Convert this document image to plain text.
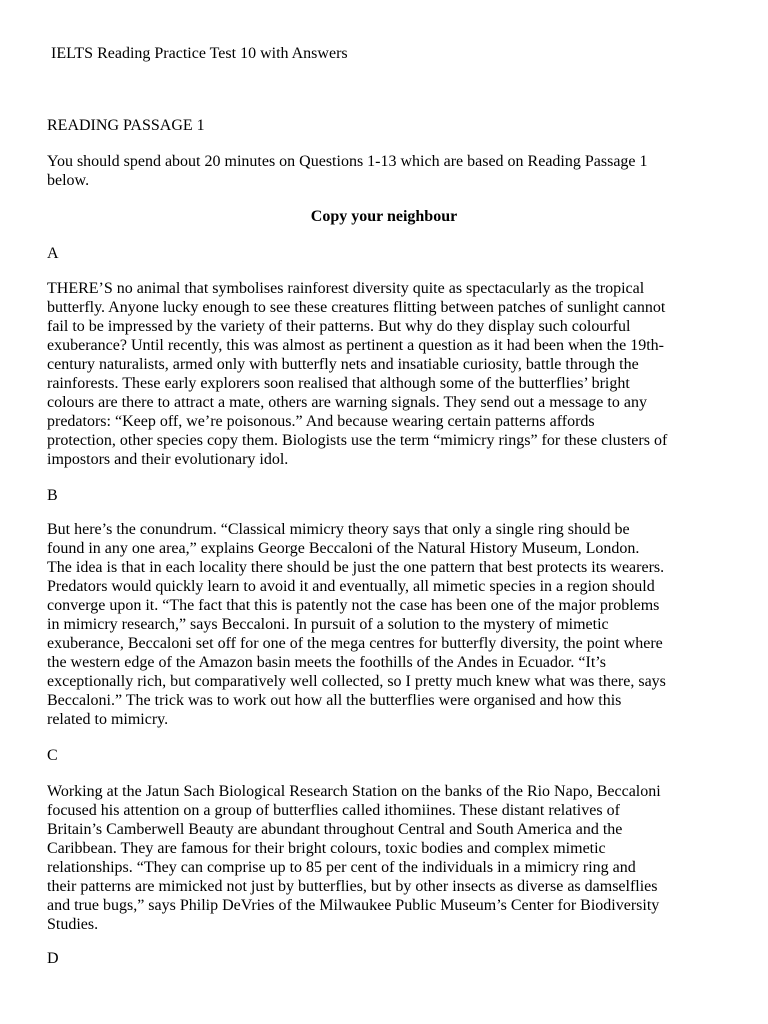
IELTS Reading Practice Test 10 with Answers
READING PASSAGE 1

You should spend about 20 minutes on Questions 1-13 which are based on Reading Passage 1
below.

Copy your neighbour
A

THERE’S no animal that symbolises rainforest diversity quite as spectacularly as the tropical
butterfly. Anyone lucky enough to see these creatures flitting between patches of sunlight cannot
fail to be impressed by the variety of their patterns. But why do they display such colourful
exuberance? Until recently, this was almost as pertinent a question as it had been when the 19th-
century naturalists, armed only with butterfly nets and insatiable curiosity, battle through the
rainforests. These early explorers soon realised that although some of the butterflies’ bright
colours are there to attract a mate, others are warning signals. They send out a message to any
predators: “Keep off, we’re poisonous.” And because wearing certain patterns affords
protection, other species copy them. Biologists use the term “mimicry rings” for these clusters of
impostors and their evolutionary idol.

B

But here’s the conundrum. “Classical mimicry theory says that only a single ring should be
found in any one area,” explains George Beccaloni of the Natural History Museum, London.
The idea is that in each locality there should be just the one pattern that best protects its wearers.
Predators would quickly learn to avoid it and eventually, all mimetic species in a region should
converge upon it. “The fact that this is patently not the case has been one of the major problems
in mimicry research,” says Beccaloni. In pursuit of a solution to the mystery of mimetic
exuberance, Beccaloni set off for one of the mega centres for butterfly diversity, the point where
the western edge of the Amazon basin meets the foothills of the Andes in Ecuador. “It’s
exceptionally rich, but comparatively well collected, so I pretty much knew what was there, says
Beccaloni.” The trick was to work out how all the butterflies were organised and how this
related to mimicry.

C

Working at the Jatun Sach Biological Research Station on the banks of the Rio Napo, Beccaloni
focused his attention on a group of butterflies called ithomiines. These distant relatives of
Britain’s Camberwell Beauty are abundant throughout Central and South America and the
Caribbean. They are famous for their bright colours, toxic bodies and complex mimetic
relationships. “They can comprise up to 85 per cent of the individuals in a mimicry ring and
their patterns are mimicked not just by butterflies, but by other insects as diverse as damselflies
and true bugs,” says Philip DeVries of the Milwaukee Public Museum’s Center for Biodiversity
Studies.

D
